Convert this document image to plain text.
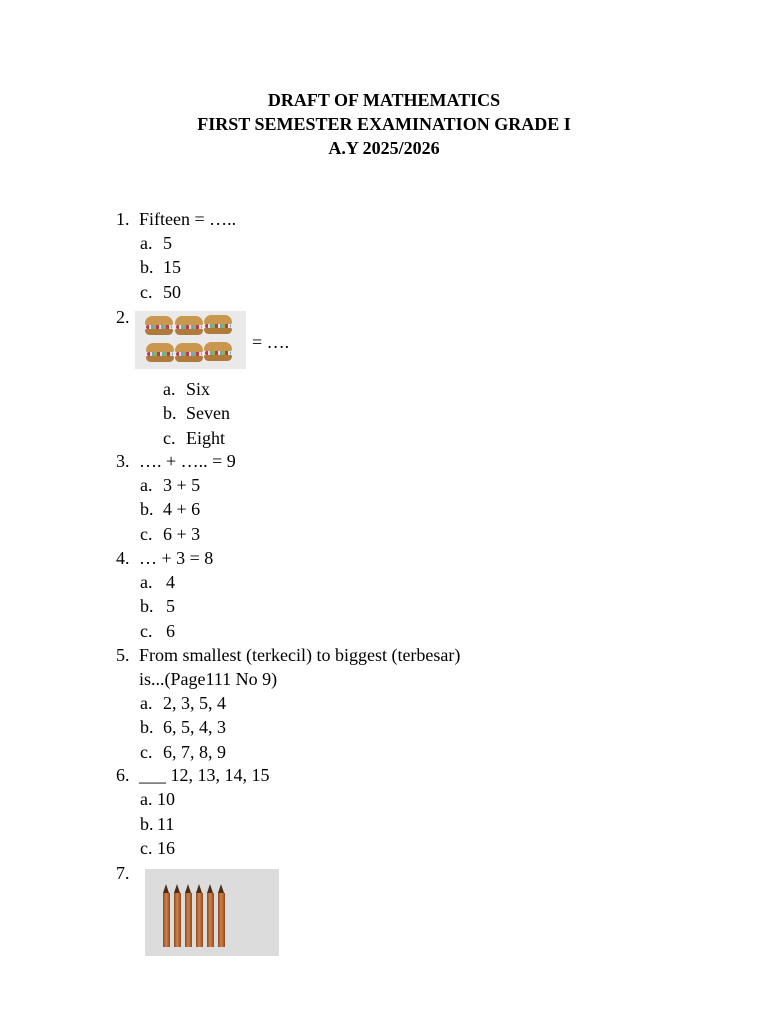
DRAFT OF MATHEMATICS
FIRST SEMESTER EXAMINATION GRADE I
A.Y 2025/2026
1. Fifteen = …..
a. 5
b. 15
c. 50
2.
= ….
a. Six
b. Seven
c. Eight
3. …. + ….. = 9
a. 3 + 5
b. 4 + 6
c. 6 + 3
4. … + 3 = 8
a. 4
b. 5
c. 6
5. From smallest (terkecil) to biggest (terbesar)
is...(Page111 No 9)
a. 2, 3, 5, 4
b. 6, 5, 4, 3
c. 6, 7, 8, 9
6. ___ 12, 13, 14, 15
a. 10
b. 11
c. 16
7.
